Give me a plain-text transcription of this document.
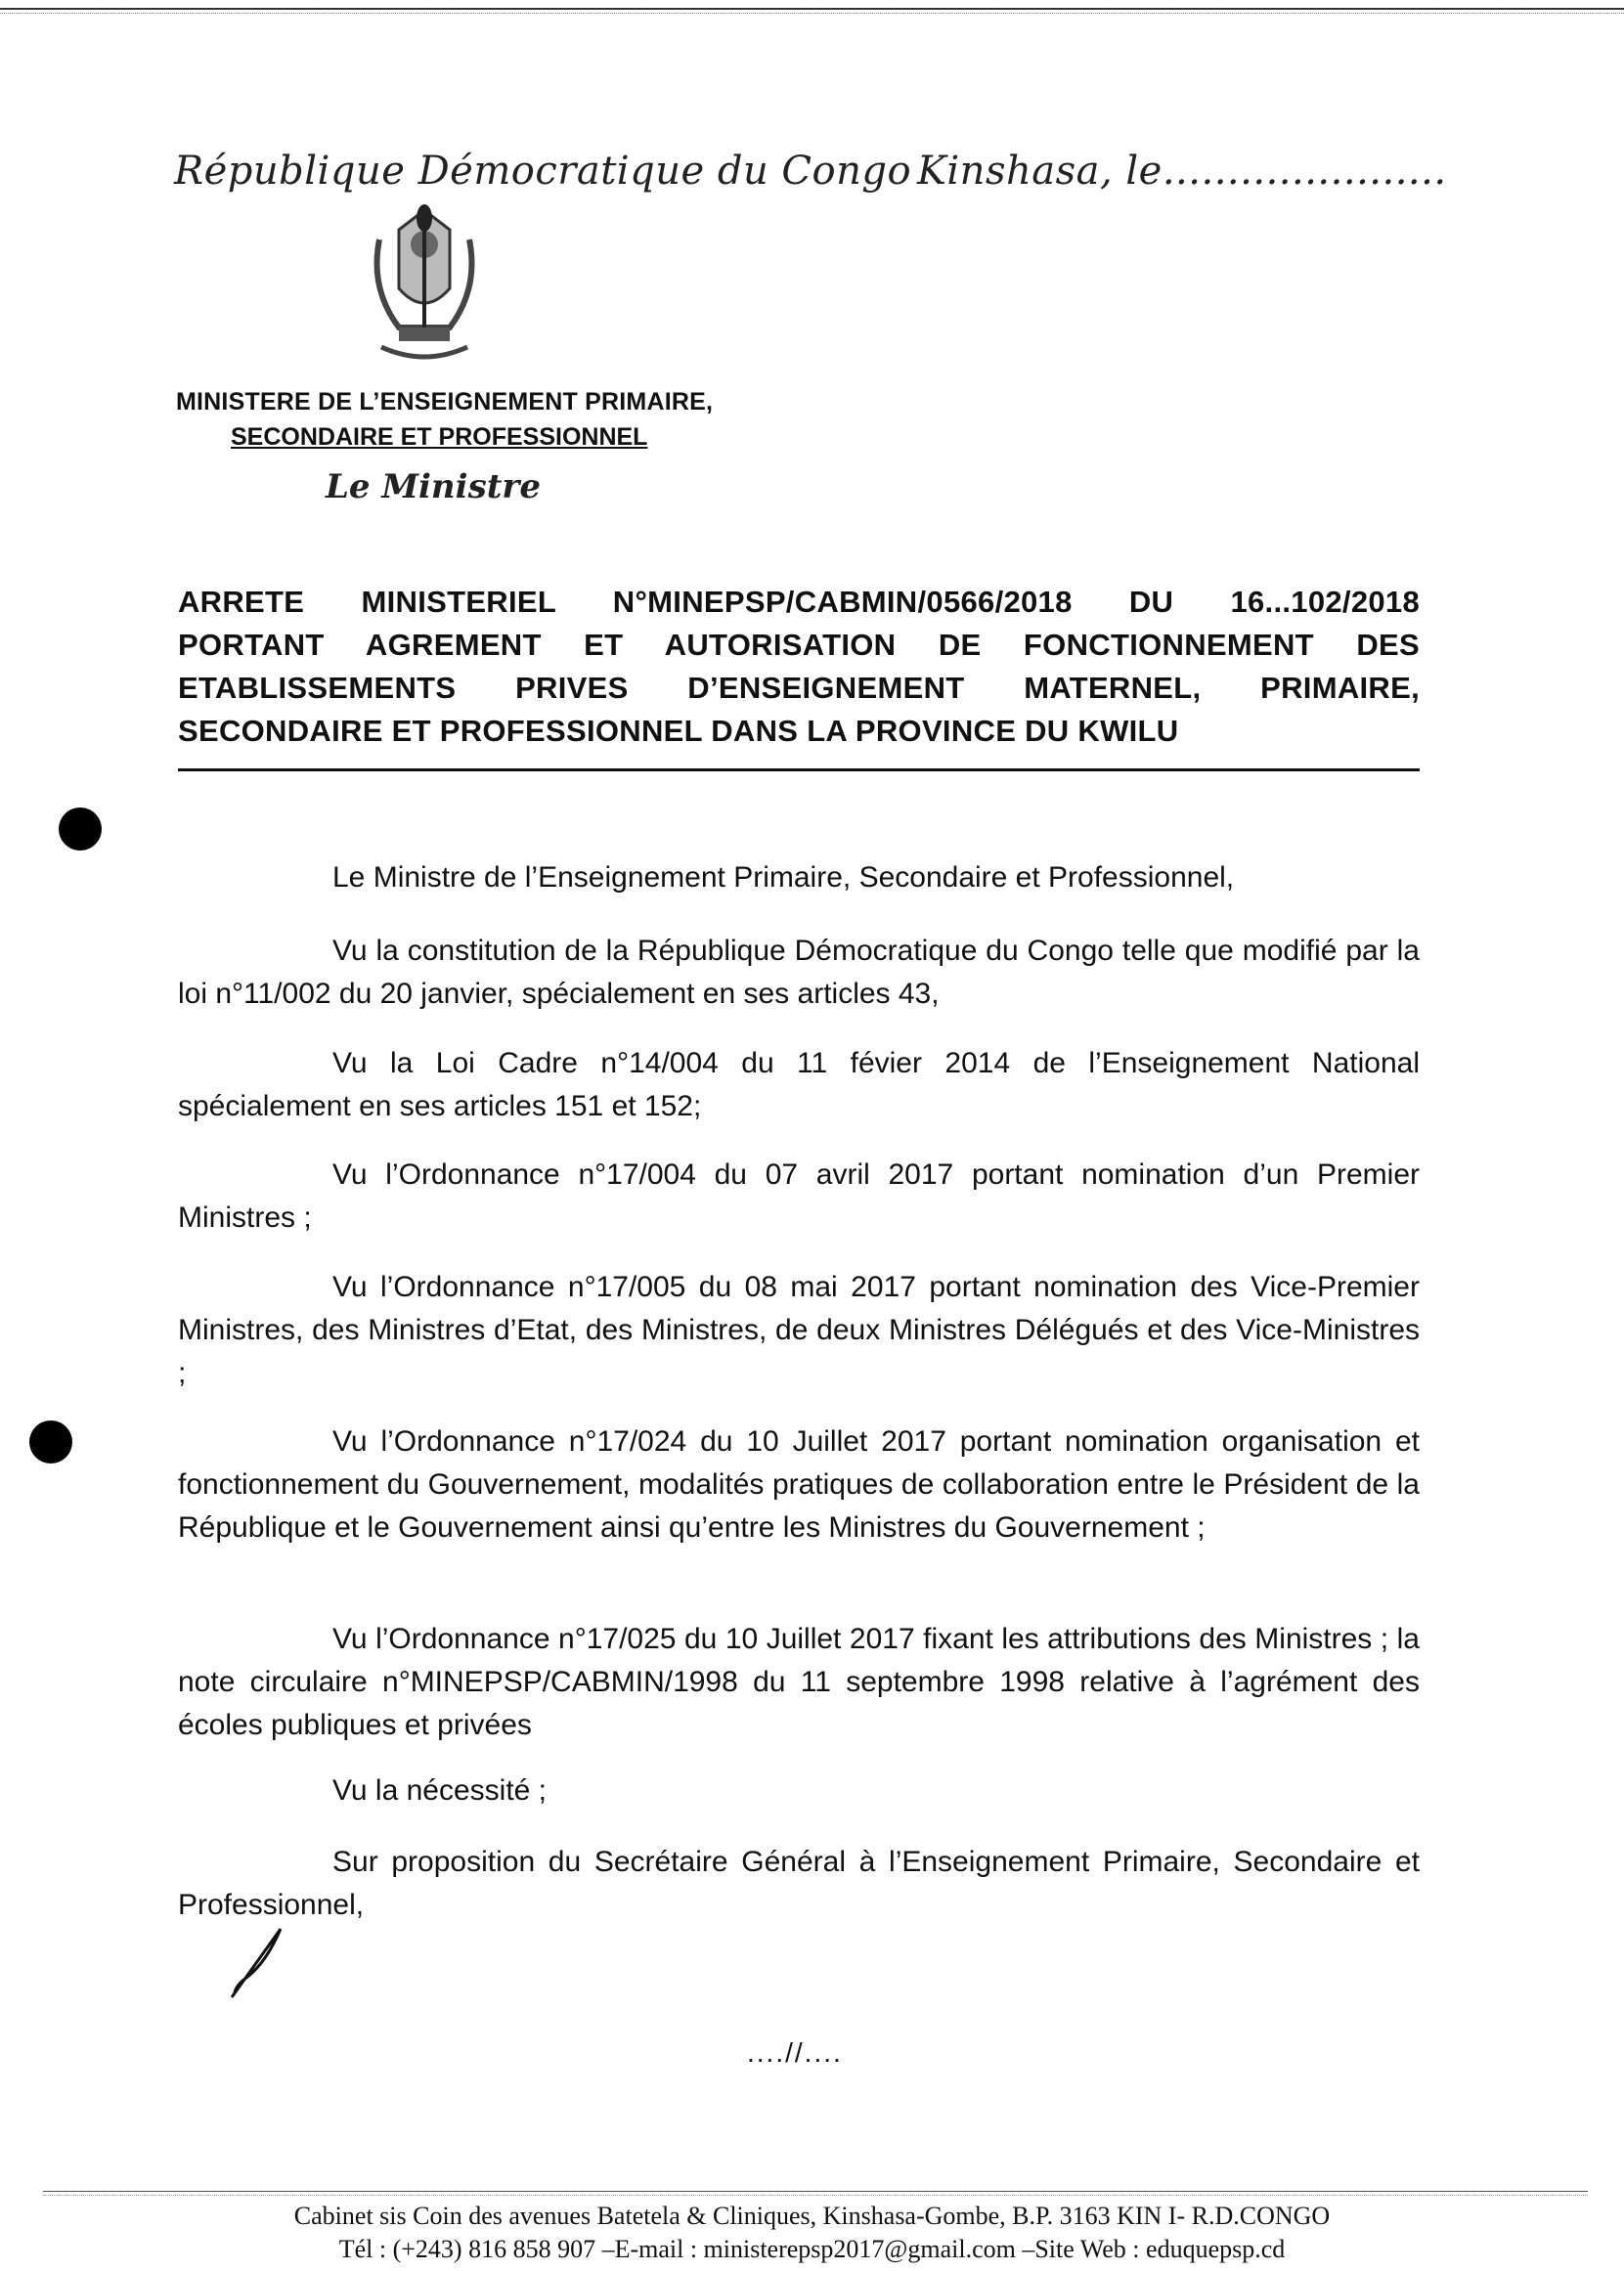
République Démocratique du Congo Kinshasa, le......................
MINISTERE DE L’ENSEIGNEMENT PRIMAIRE,
SECONDAIRE ET PROFESSIONNEL
Le Ministre
ARRETE MINISTERIEL N°MINEPSP/CABMIN/0566/2018 DU 16...102/2018
PORTANT AGREMENT ET AUTORISATION DE FONCTIONNEMENT DES
ETABLISSEMENTS PRIVES D’ENSEIGNEMENT MATERNEL, PRIMAIRE,
SECONDAIRE ET PROFESSIONNEL DANS LA PROVINCE DU KWILU
Le Ministre de l’Enseignement Primaire, Secondaire et Professionnel,
Vu la constitution de la République Démocratique du Congo telle que modifié par la loi n°11/002 du 20 janvier, spécialement en ses articles 43,
Vu la Loi Cadre n°14/004 du 11 févier 2014 de l’Enseignement National spécialement en ses articles 151 et 152;
Vu l’Ordonnance n°17/004 du 07 avril 2017 portant nomination d’un Premier Ministres ;
Vu l’Ordonnance n°17/005 du 08 mai 2017 portant nomination des Vice-Premier Ministres, des Ministres d’Etat, des Ministres, de deux Ministres Délégués et des Vice-Ministres ;
Vu l’Ordonnance n°17/024 du 10 Juillet 2017 portant nomination organisation et fonctionnement du Gouvernement, modalités pratiques de collaboration entre le Président de la République et le Gouvernement ainsi qu’entre les Ministres du Gouvernement ;
Vu l’Ordonnance n°17/025 du 10 Juillet 2017 fixant les attributions des Ministres ; la note circulaire n°MINEPSP/CABMIN/1998 du 11 septembre 1998 relative à l’agrément des écoles publiques et privées
Vu la nécessité ;
Sur proposition du Secrétaire Général à l’Enseignement Primaire, Secondaire et Professionnel,
....//....
Cabinet sis Coin des avenues Batetela & Cliniques, Kinshasa-Gombe, B.P. 3163 KIN I- R.D.CONGO
Tél : (+243) 816 858 907 –E-mail : ministerepsp2017@gmail.com –Site Web : eduquepsp.cd
